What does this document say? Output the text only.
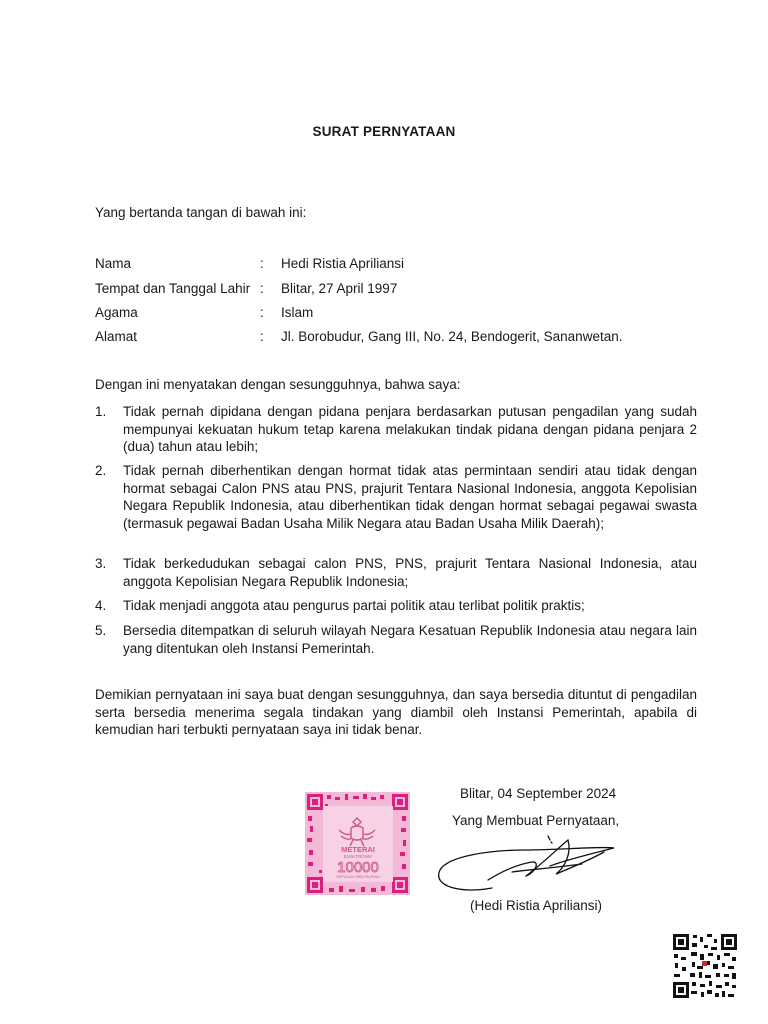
SURAT PERNYATAAN
Yang bertanda tangan di bawah ini:
Nama	: Hedi Ristia Apriliansi
Tempat dan Tanggal Lahir : Blitar, 27 April 1997
Agama	: Islam
Alamat	: Jl. Borobudur, Gang III, No. 24, Bendogerit, Sananwetan.
Dengan ini menyatakan dengan sesungguhnya, bahwa saya:
1. Tidak pernah dipidana dengan pidana penjara berdasarkan putusan pengadilan yang sudah mempunyai kekuatan hukum tetap karena melakukan tindak pidana dengan pidana penjara 2 (dua) tahun atau lebih;
2. Tidak pernah diberhentikan dengan hormat tidak atas permintaan sendiri atau tidak dengan hormat sebagai Calon PNS atau PNS, prajurit Tentara Nasional Indonesia, anggota Kepolisian Negara Republik Indonesia, atau diberhentikan tidak dengan hormat sebagai pegawai swasta (termasuk pegawai Badan Usaha Milik Negara atau Badan Usaha Milik Daerah);
3. Tidak berkedudukan sebagai calon PNS, PNS, prajurit Tentara Nasional Indonesia, atau anggota Kepolisian Negara Republik Indonesia;
4. Tidak menjadi anggota atau pengurus partai politik atau terlibat politik praktis;
5. Bersedia ditempatkan di seluruh wilayah Negara Kesatuan Republik Indonesia atau negara lain yang ditentukan oleh Instansi Pemerintah.
Demikian pernyataan ini saya buat dengan sesungguhnya, dan saya bersedia dituntut di pengadilan serta bersedia menerima segala tindakan yang diambil oleh Instansi Pemerintah, apabila di kemudian hari terbukti pernyataan saya ini tidak benar.
Blitar, 04 September 2024
Yang Membuat Pernyataan,
METERAI
ELEKTRONIK
10000
SEPULUH RIBU RUPIAH
(Hedi Ristia Apriliansi)
